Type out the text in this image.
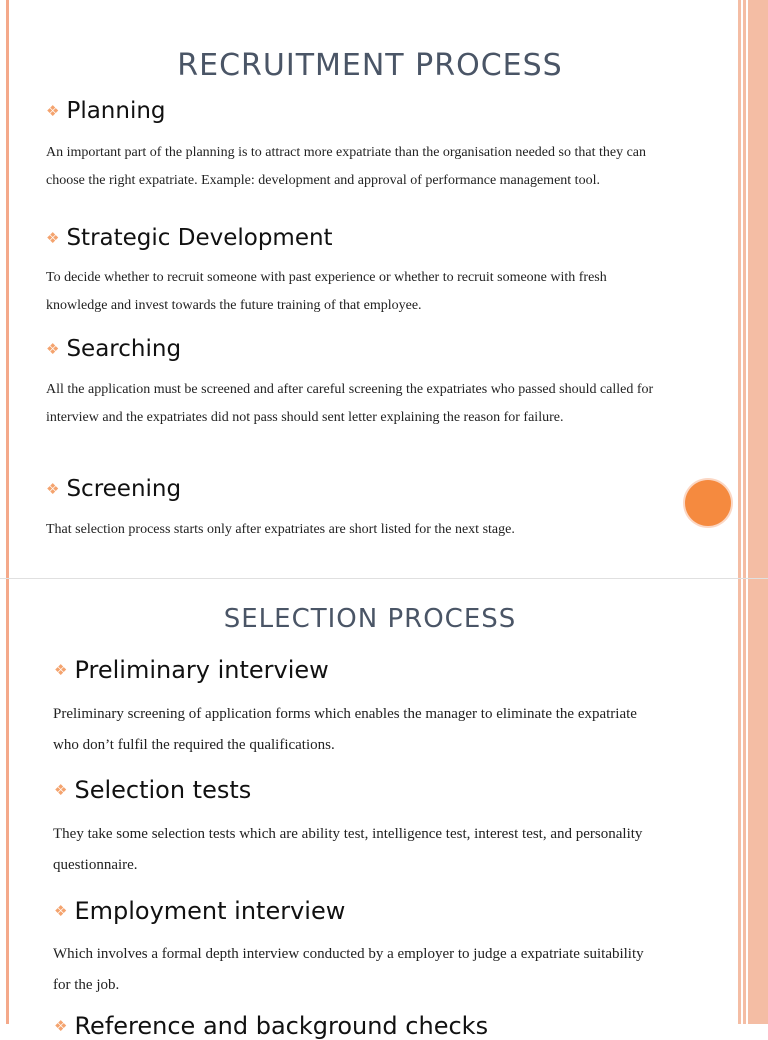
RECRUITMENT PROCESS
❖ Planning
An important part of the planning is to attract more expatriate than the organisation needed so that they can choose the right expatriate. Example: development and approval of performance management tool.
❖ Strategic Development
To decide whether to recruit someone with past experience or whether to recruit someone with fresh knowledge and invest towards the future training of that employee.
❖ Searching
All the application must be screened and after careful screening the expatriates who passed should called for interview and the expatriates did not pass should sent letter explaining the reason for failure.
❖ Screening
That selection process starts only after expatriates are short listed for the next stage.
SELECTION PROCESS
❖ Preliminary interview
Preliminary screening of application forms which enables the manager to eliminate the expatriate who don’t fulfil the required the qualifications.
❖ Selection tests
They take some selection tests which are ability test, intelligence test, interest test, and personality questionnaire.
❖ Employment interview
Which involves a formal depth interview conducted by a employer to judge a expatriate suitability for the job.
❖ Reference and background checks
